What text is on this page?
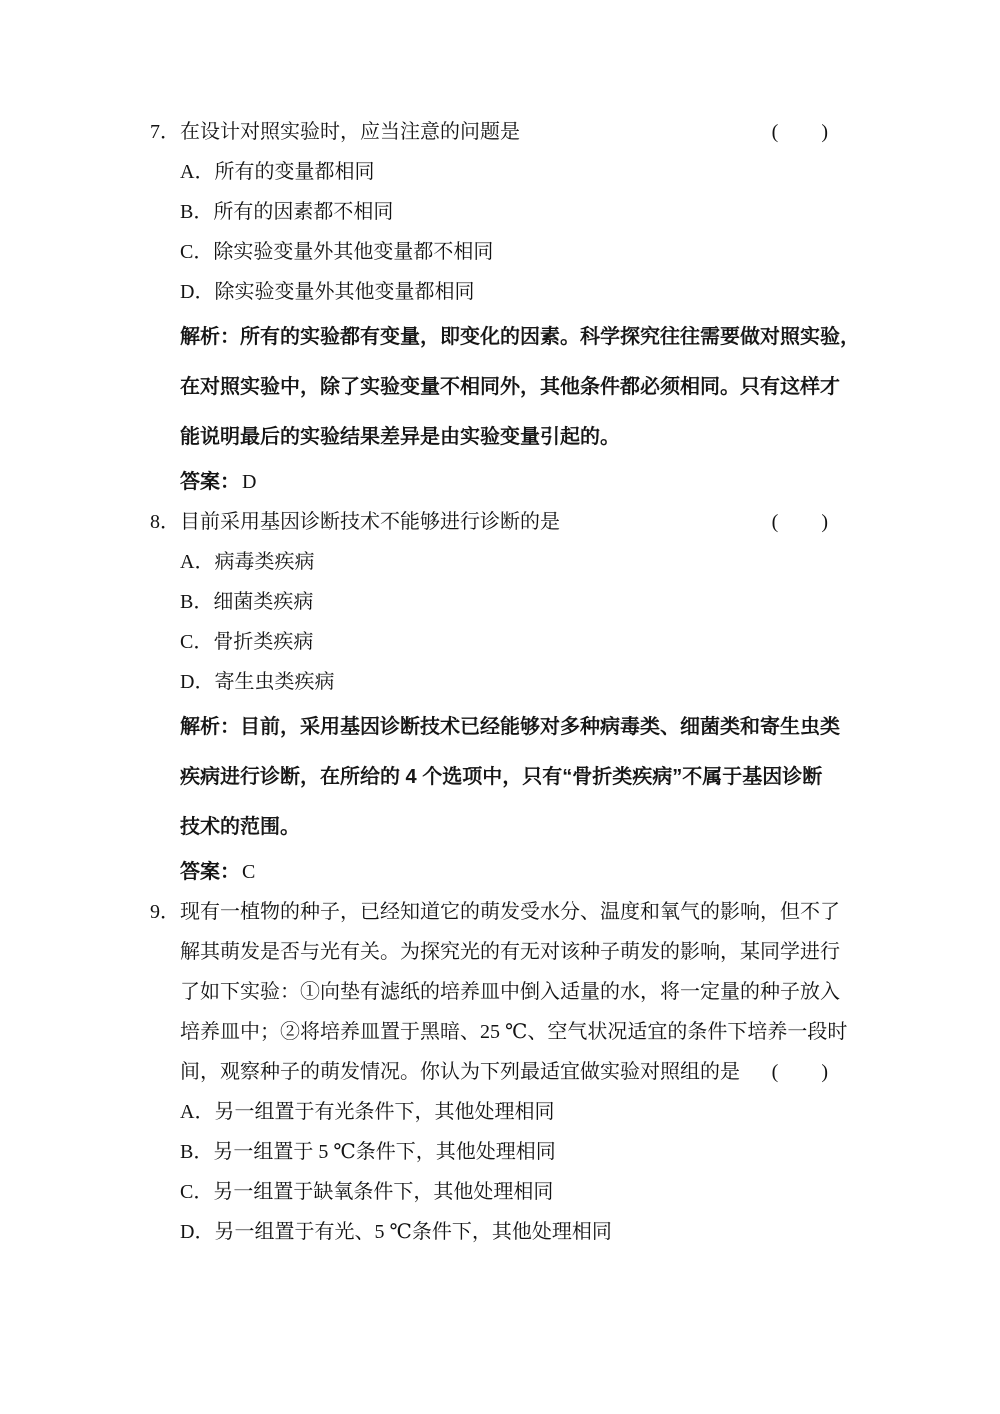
7． 在设计对照实验时，应当注意的问题是	(　　)
A．所有的变量都相同
B．所有的因素都不相同
C．除实验变量外其他变量都不相同
D．除实验变量外其他变量都相同
解析：所有的实验都有变量，即变化的因素。科学探究往往需要做对照实验，
在对照实验中，除了实验变量不相同外，其他条件都必须相同。只有这样才
能说明最后的实验结果差异是由实验变量引起的。
答案： D
8． 目前采用基因诊断技术不能够进行诊断的是	(　　)
A．病毒类疾病
B．细菌类疾病
C．骨折类疾病
D．寄生虫类疾病
解析：目前，采用基因诊断技术已经能够对多种病毒类、细菌类和寄生虫类
疾病进行诊断，在所给的 4 个选项中，只有“骨折类疾病”不属于基因诊断
技术的范围。
答案： C
9． 现有一植物的种子，已经知道它的萌发受水分、温度和氧气的影响，但不了
解其萌发是否与光有关。为探究光的有无对该种子萌发的影响，某同学进行
了如下实验：①向垫有滤纸的培养皿中倒入适量的水，将一定量的种子放入
培养皿中；②将培养皿置于黑暗、25 ℃、空气状况适宜的条件下培养一段时
间，观察种子的萌发情况。你认为下列最适宜做实验对照组的是 (　　)
A．另一组置于有光条件下，其他处理相同
B．另一组置于 5 ℃条件下，其他处理相同
C．另一组置于缺氧条件下，其他处理相同
D．另一组置于有光、5 ℃条件下，其他处理相同
